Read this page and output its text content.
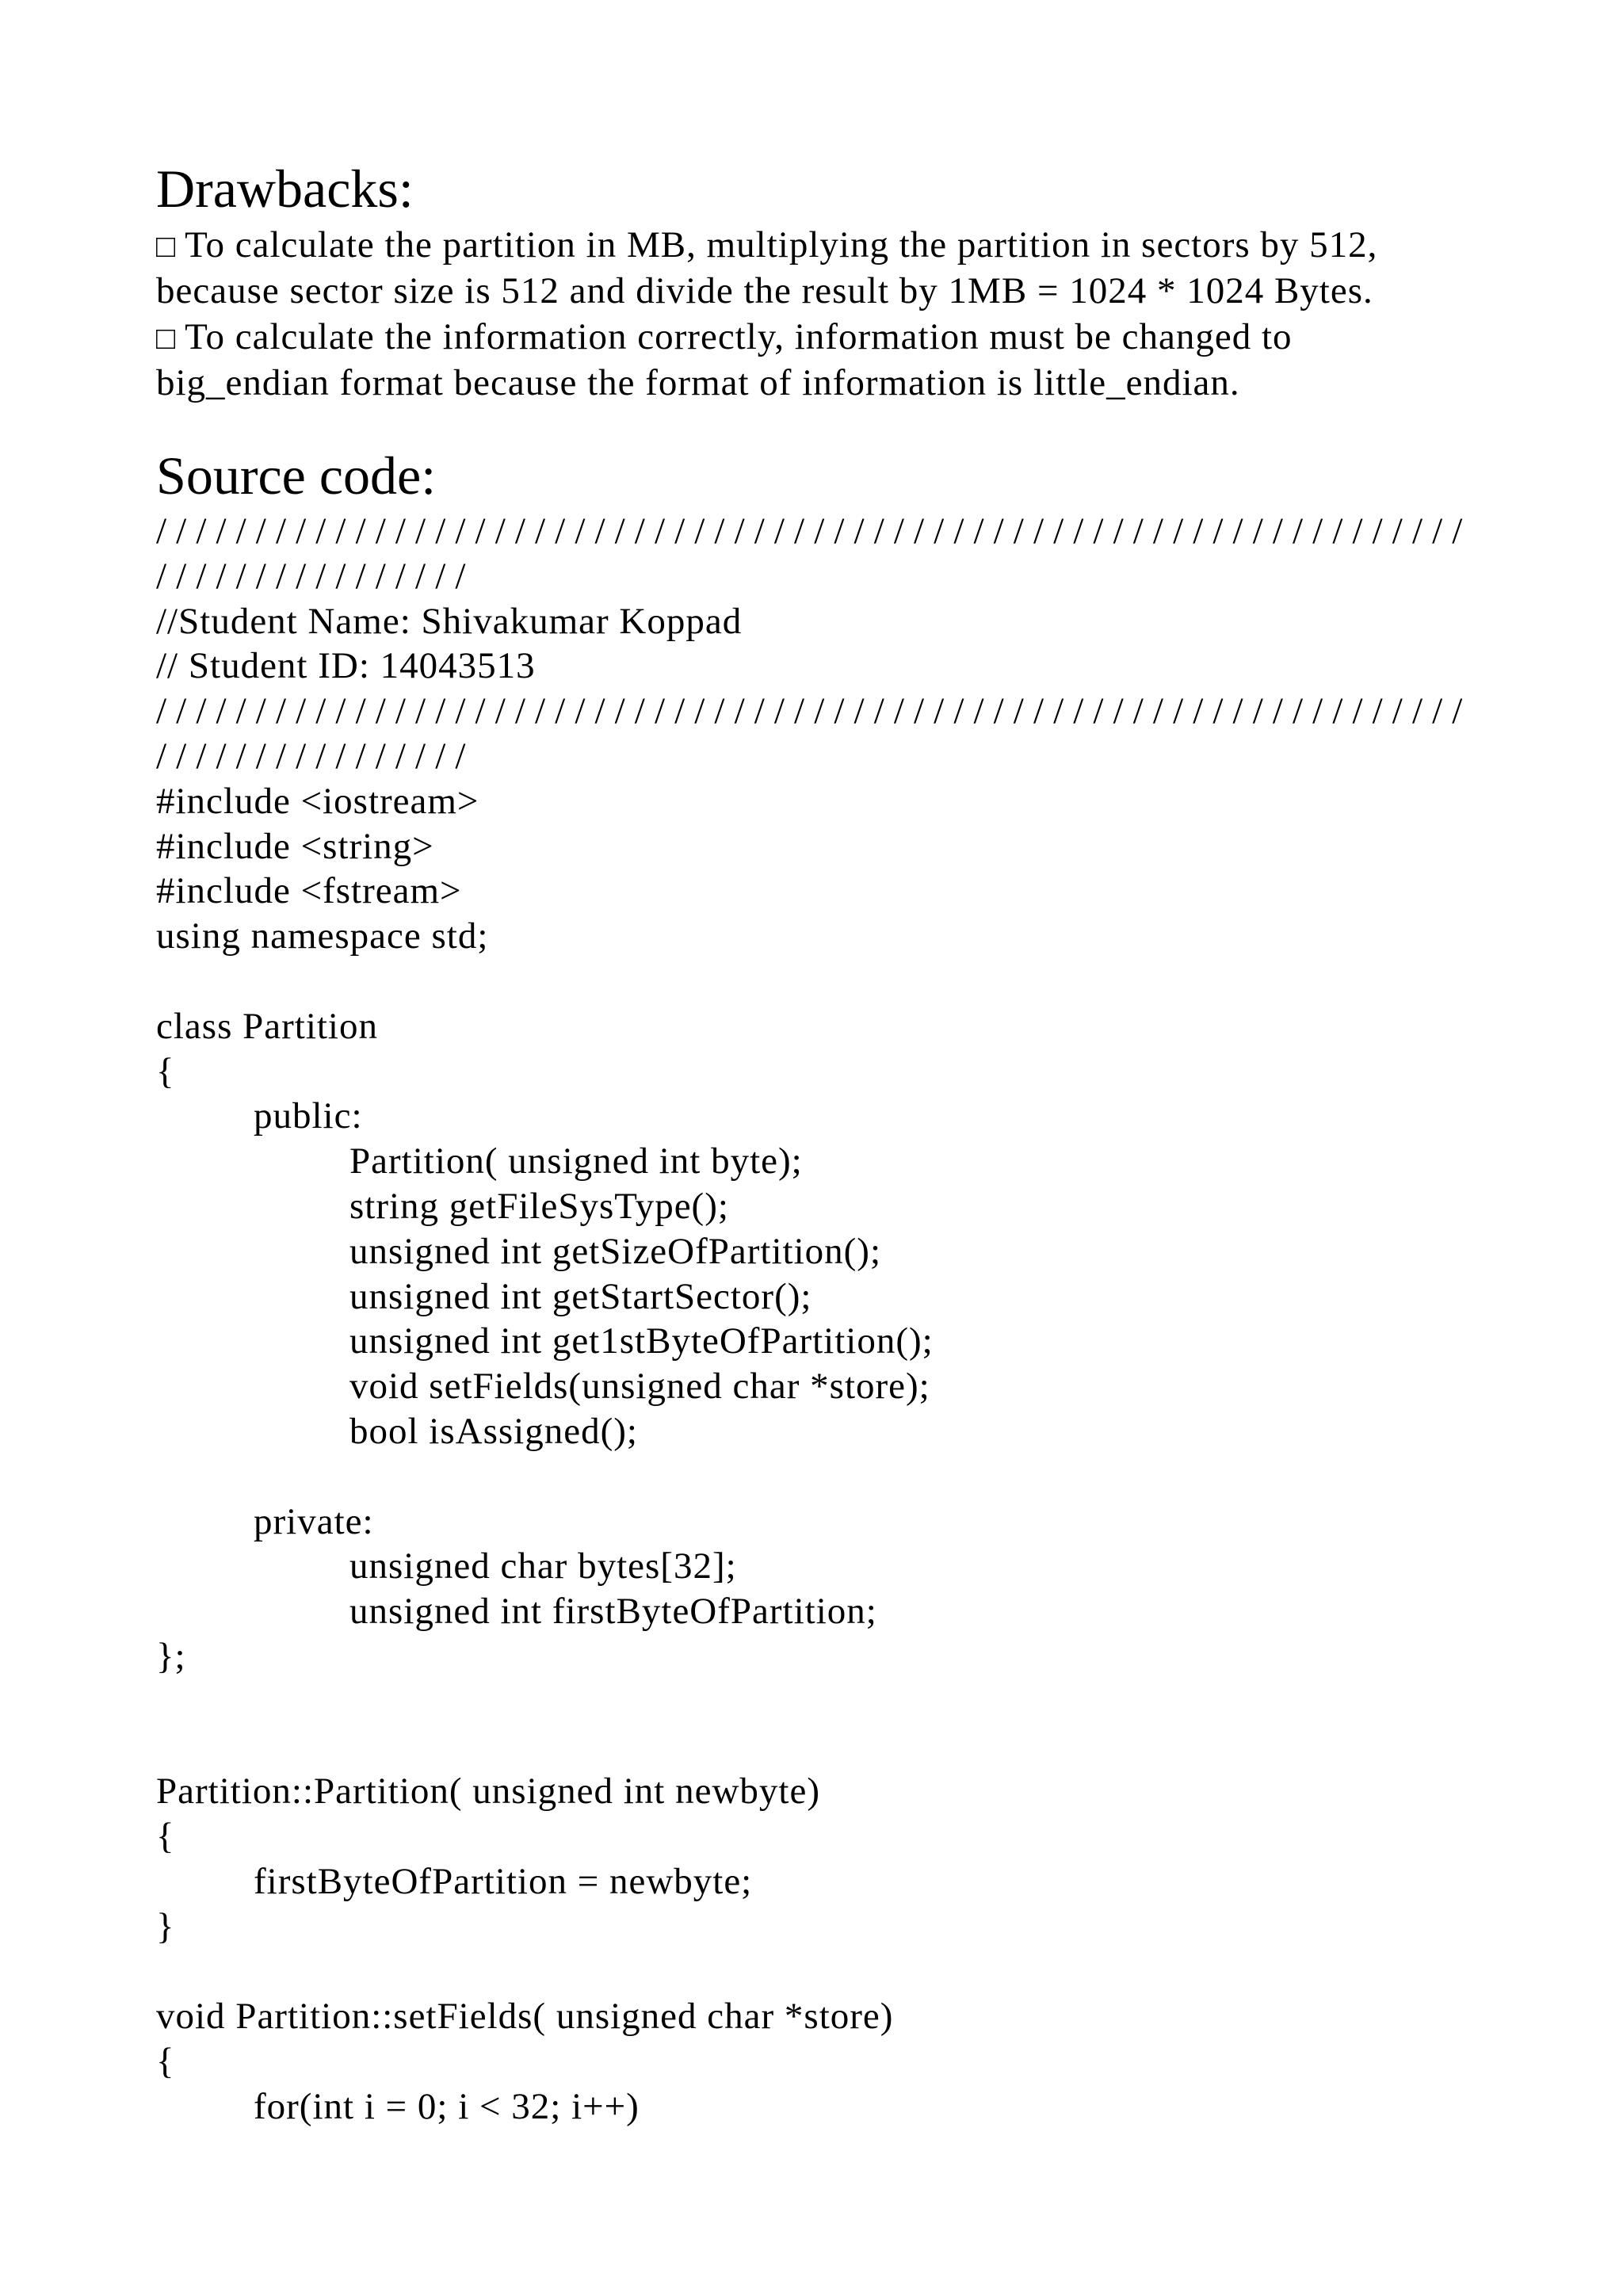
Drawbacks:
□ To calculate the partition in MB, multiplying the partition in sectors by 512,
because sector size is 512 and divide the result by 1MB = 1024 * 1024 Bytes.
□ To calculate the information correctly, information must be changed to
big_endian format because the format of information is little_endian.
Source code:
//////////////////////////////////////////////////////////////////
////////////////
//Student Name: Shivakumar Koppad
// Student ID: 14043513
//////////////////////////////////////////////////////////////////
////////////////
#include <iostream>
#include <string>
#include <fstream>
using namespace std;
class Partition
{
public:
Partition( unsigned int byte);
string getFileSysType();
unsigned int getSizeOfPartition();
unsigned int getStartSector();
unsigned int get1stByteOfPartition();
void setFields(unsigned char *store);
bool isAssigned();
private:
unsigned char bytes[32];
unsigned int firstByteOfPartition;
};
Partition::Partition( unsigned int newbyte)
{
firstByteOfPartition = newbyte;
}
void Partition::setFields( unsigned char *store)
{
for(int i = 0; i < 32; i++)
